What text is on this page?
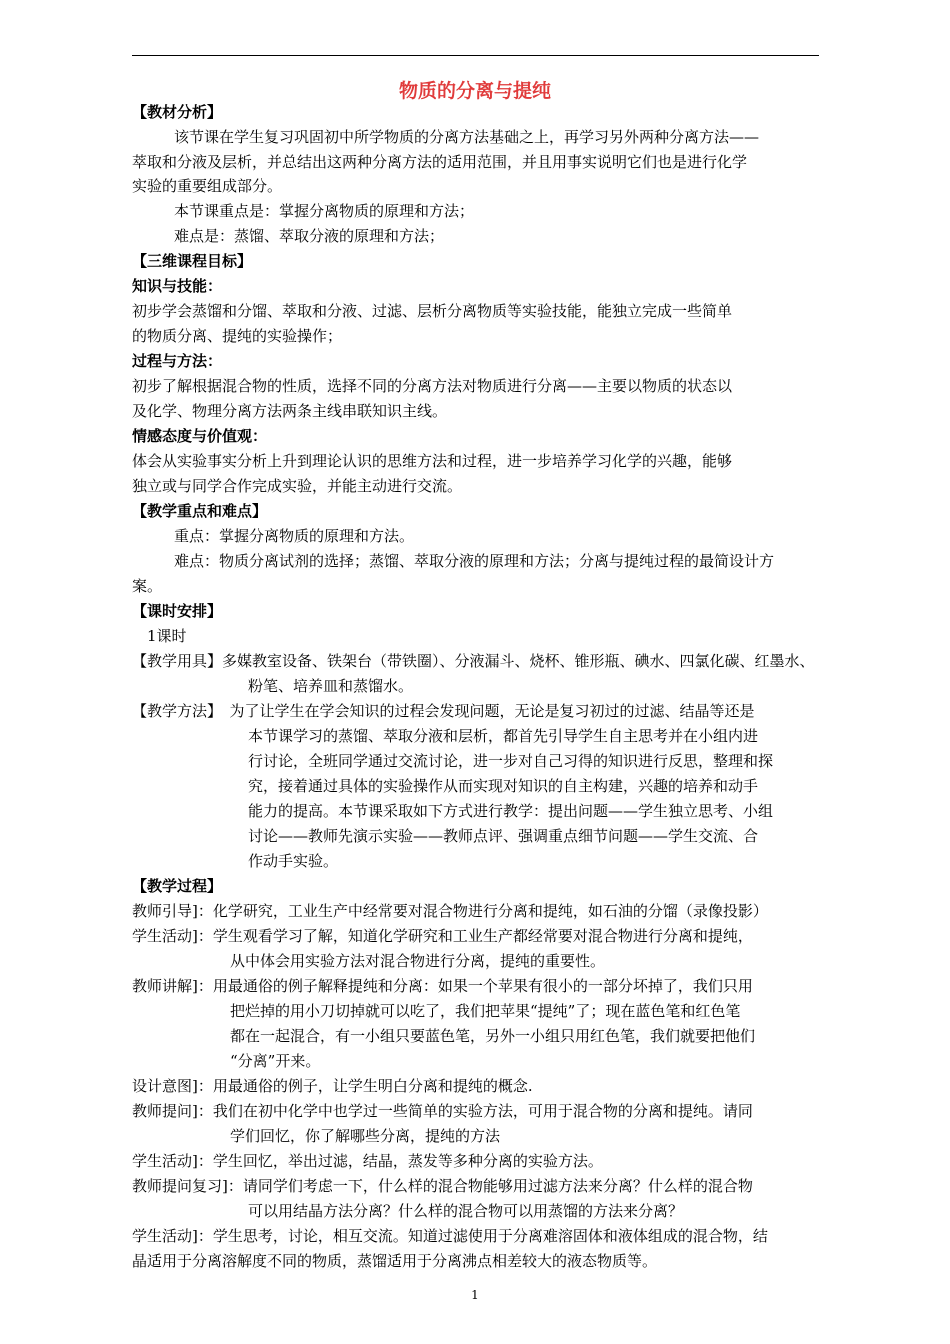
物质的分离与提纯
【教材分析】
该节课在学生复习巩固初中所学物质的分离方法基础之上，再学习另外两种分离方法——
萃取和分液及层析，并总结出这两种分离方法的适用范围，并且用事实说明它们也是进行化学
实验的重要组成部分。
本节课重点是：掌握分离物质的原理和方法；
难点是：蒸馏、萃取分液的原理和方法；
【三维课程目标】
知识与技能：
初步学会蒸馏和分馏、萃取和分液、过滤、层析分离物质等实验技能，能独立完成一些简单
的物质分离、提纯的实验操作；
过程与方法：
初步了解根据混合物的性质，选择不同的分离方法对物质进行分离——主要以物质的状态以
及化学、物理分离方法两条主线串联知识主线。
情感态度与价值观：
体会从实验事实分析上升到理论认识的思维方法和过程，进一步培养学习化学的兴趣，能够
独立或与同学合作完成实验，并能主动进行交流。
【教学重点和难点】
重点：掌握分离物质的原理和方法。
难点：物质分离试剂的选择；蒸馏、萃取分液的原理和方法；分离与提纯过程的最简设计方
案。
【课时安排】
1课时
【教学用具】多媒教室设备、铁架台（带铁圈）、分液漏斗、烧杯、锥形瓶、碘水、四氯化碳、红墨水、
粉笔、培养皿和蒸馏水。
【教学方法】　为了让学生在学会知识的过程会发现问题，无论是复习初过的过滤、结晶等还是
本节课学习的蒸馏、萃取分液和层析，都首先引导学生自主思考并在小组内进
行讨论，全班同学通过交流讨论，进一步对自己习得的知识进行反思，整理和探
究，接着通过具体的实验操作从而实现对知识的自主构建，兴趣的培养和动手
能力的提高。本节课采取如下方式进行教学：提出问题——学生独立思考、小组
讨论——教师先演示实验——教师点评、强调重点细节问题——学生交流、合
作动手实验。
【教学过程】
教师引导]：化学研究，工业生产中经常要对混合物进行分离和提纯，如石油的分馏（录像投影）
学生活动]：学生观看学习了解，知道化学研究和工业生产都经常要对混合物进行分离和提纯，
从中体会用实验方法对混合物进行分离，提纯的重要性。
教师讲解]：用最通俗的例子解释提纯和分离：如果一个苹果有很小的一部分坏掉了，我们只用
把烂掉的用小刀切掉就可以吃了，我们把苹果“提纯”了；现在蓝色笔和红色笔
都在一起混合，有一小组只要蓝色笔，另外一小组只用红色笔，我们就要把他们
“分离”开来。
设计意图]：用最通俗的例子，让学生明白分离和提纯的概念.
教师提问]：我们在初中化学中也学过一些简单的实验方法，可用于混合物的分离和提纯。请同
学们回忆，你了解哪些分离，提纯的方法
学生活动]：学生回忆，举出过滤，结晶，蒸发等多种分离的实验方法。
教师提问复习]：请同学们考虑一下，什么样的混合物能够用过滤方法来分离？什么样的混合物
可以用结晶方法分离？什么样的混合物可以用蒸馏的方法来分离？
学生活动]：学生思考，讨论，相互交流。知道过滤使用于分离难溶固体和液体组成的混合物，结
晶适用于分离溶解度不同的物质，蒸馏适用于分离沸点相差较大的液态物质等。
1
